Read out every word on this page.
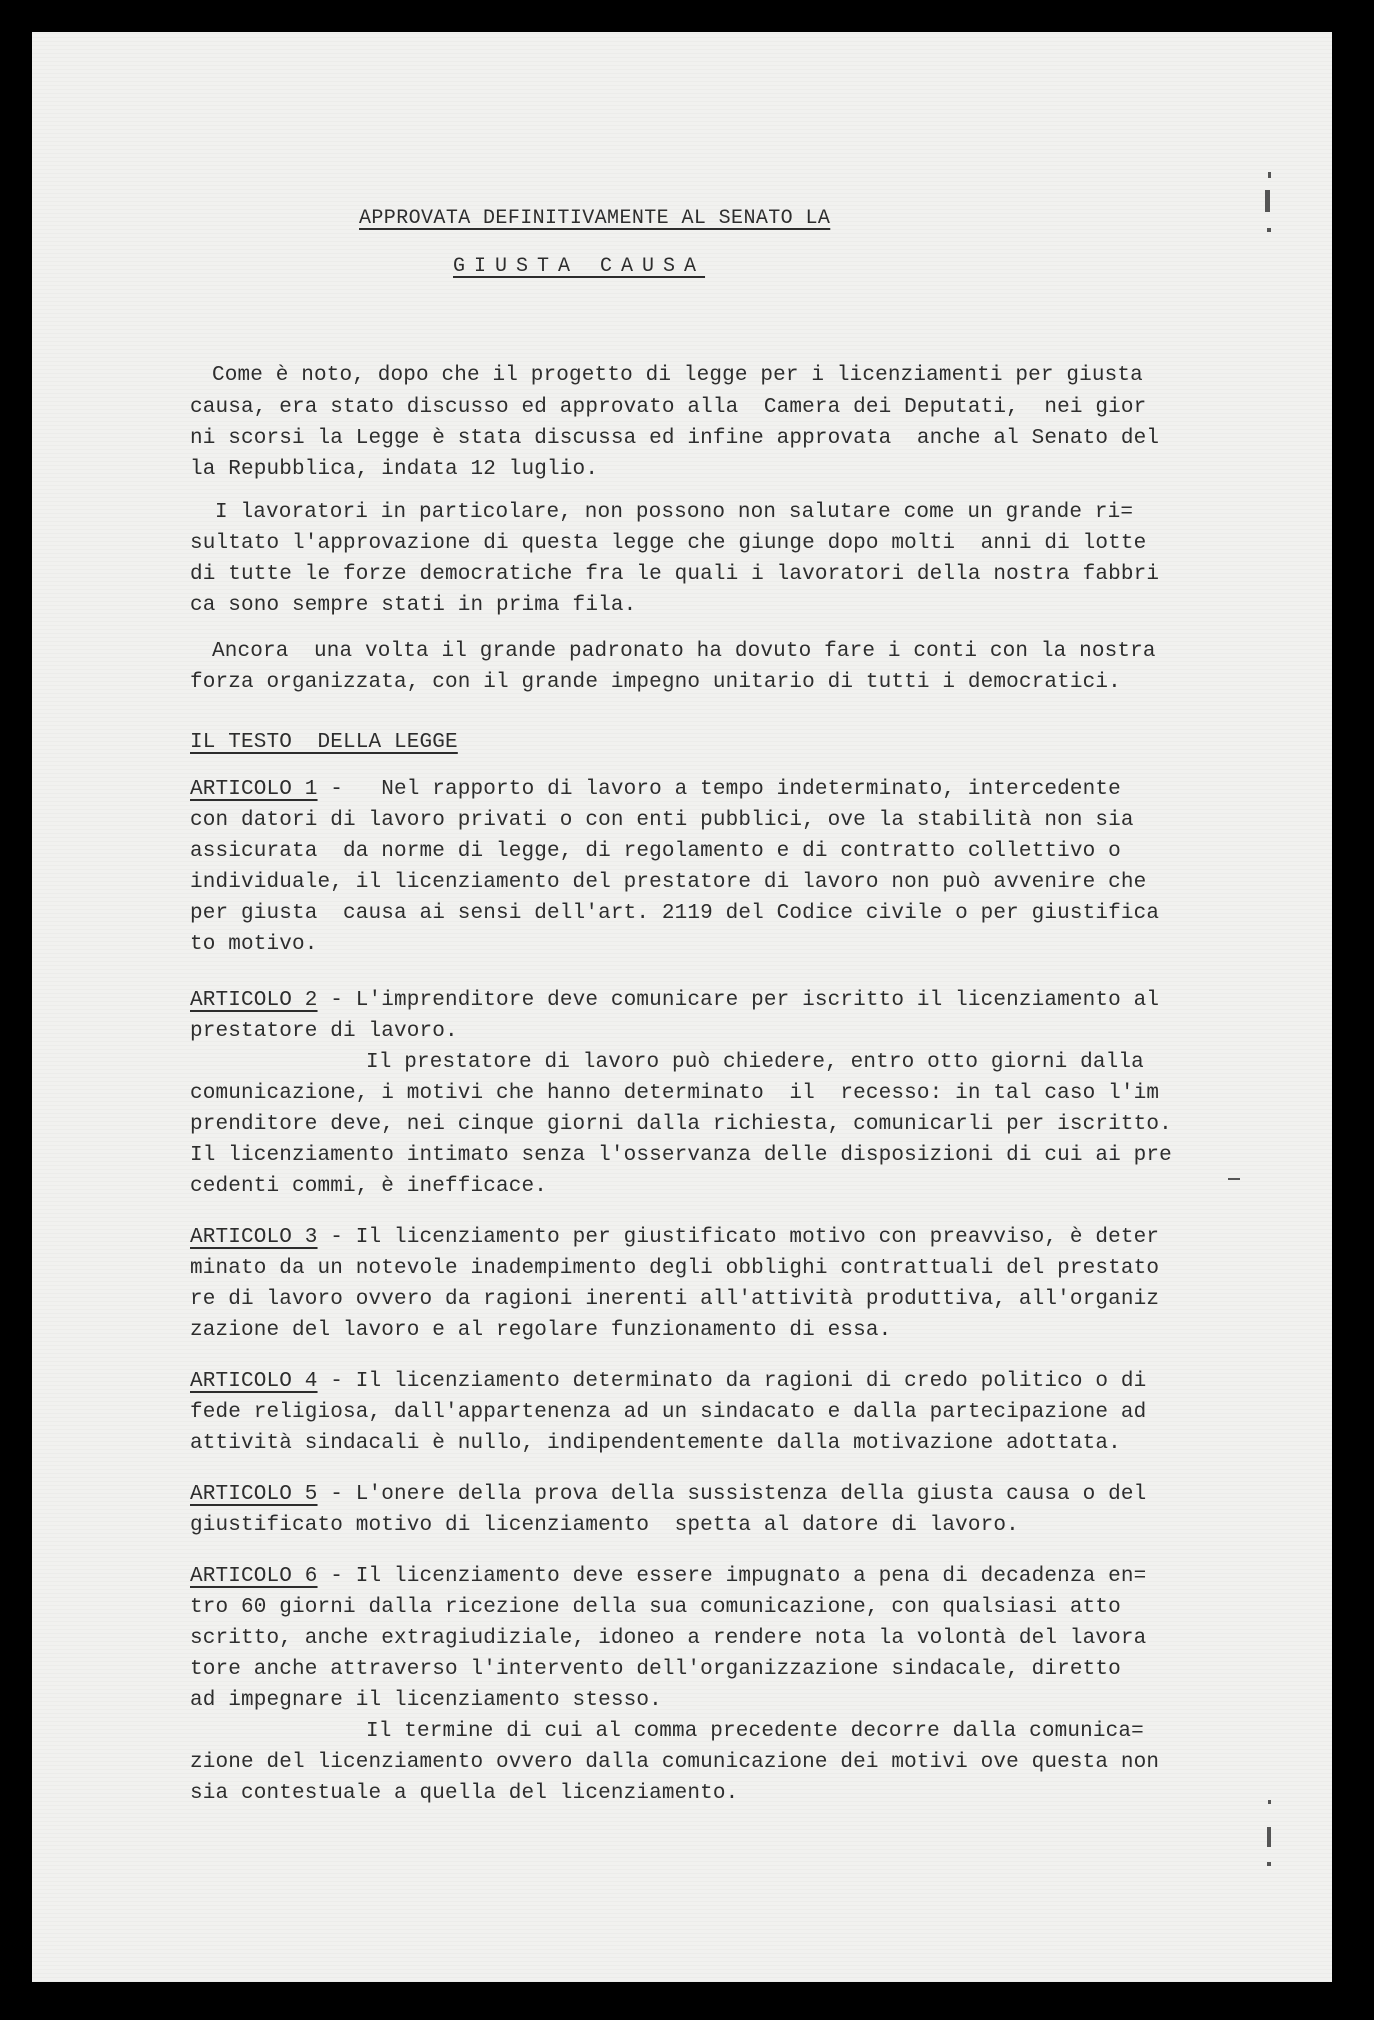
APPROVATA DEFINITIVAMENTE AL SENATO LA

GIUSTA CAUSA

Come è noto, dopo che il progetto di legge per i licenziamenti per giusta

causa, era stato discusso ed approvato alla  Camera dei Deputati,  nei gior

ni scorsi la Legge è stata discussa ed infine approvata  anche al Senato del

la Repubblica, indata 12 luglio.

I lavoratori in particolare, non possono non salutare come un grande ri=

sultato l'approvazione di questa legge che giunge dopo molti  anni di lotte

di tutte le forze democratiche fra le quali i lavoratori della nostra fabbri

ca sono sempre stati in prima fila.

Ancora  una volta il grande padronato ha dovuto fare i conti con la nostra

forza organizzata, con il grande impegno unitario di tutti i democratici.

IL TESTO  DELLA LEGGE

ARTICOLO 1 -   Nel rapporto di lavoro a tempo indeterminato, intercedente

con datori di lavoro privati o con enti pubblici, ove la stabilità non sia

assicurata  da norme di legge, di regolamento e di contratto collettivo o

individuale, il licenziamento del prestatore di lavoro non può avvenire che

per giusta  causa ai sensi dell'art. 2119 del Codice civile o per giustifica

to motivo.

ARTICOLO 2 - L'imprenditore deve comunicare per iscritto il licenziamento al

prestatore di lavoro.

Il prestatore di lavoro può chiedere, entro otto giorni dalla

comunicazione, i motivi che hanno determinato  il  recesso: in tal caso l'im

prenditore deve, nei cinque giorni dalla richiesta, comunicarli per iscritto.

Il licenziamento intimato senza l'osservanza delle disposizioni di cui ai pre

cedenti commi, è inefficace.

ARTICOLO 3 - Il licenziamento per giustificato motivo con preavviso, è deter

minato da un notevole inadempimento degli obblighi contrattuali del prestato

re di lavoro ovvero da ragioni inerenti all'attività produttiva, all'organiz

zazione del lavoro e al regolare funzionamento di essa.

ARTICOLO 4 - Il licenziamento determinato da ragioni di credo politico o di

fede religiosa, dall'appartenenza ad un sindacato e dalla partecipazione ad

attività sindacali è nullo, indipendentemente dalla motivazione adottata.

ARTICOLO 5 - L'onere della prova della sussistenza della giusta causa o del

giustificato motivo di licenziamento  spetta al datore di lavoro.

ARTICOLO 6 - Il licenziamento deve essere impugnato a pena di decadenza en=

tro 60 giorni dalla ricezione della sua comunicazione, con qualsiasi atto

scritto, anche extragiudiziale, idoneo a rendere nota la volontà del lavora

tore anche attraverso l'intervento dell'organizzazione sindacale, diretto

ad impegnare il licenziamento stesso.

Il termine di cui al comma precedente decorre dalla comunica=

zione del licenziamento ovvero dalla comunicazione dei motivi ove questa non

sia contestuale a quella del licenziamento.
